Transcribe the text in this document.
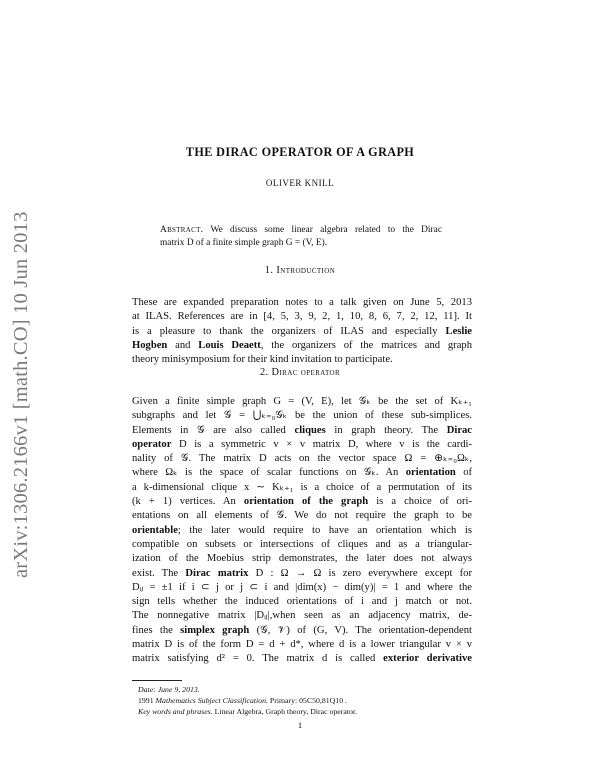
arXiv:1306.2166v1 [math.CO] 10 Jun 2013
THE DIRAC OPERATOR OF A GRAPH
OLIVER KNILL
Abstract. We discuss some linear algebra related to the Dirac
matrix D of a finite simple graph G = (V, E).
1. Introduction
These are expanded preparation notes to a talk given on June 5, 2013
at ILAS. References are in [4, 5, 3, 9, 2, 1, 10, 8, 6, 7, 2, 12, 11]. It
is a pleasure to thank the organizers of ILAS and especially Leslie
Hogben and Louis Deaett, the organizers of the matrices and graph
theory minisymposium for their kind invitation to participate.
2. Dirac operator
Given a finite simple graph G = (V, E), let 𝒢ₖ be the set of Kₖ₊₁
subgraphs and let 𝒢 = ⋃ₖ₌₀𝒢ₖ be the union of these sub-simplices.
Elements in 𝒢 are also called cliques in graph theory. The Dirac
operator D is a symmetric v × v matrix D, where v is the cardi-
nality of 𝒢. The matrix D acts on the vector space Ω = ⊕ₖ₌₀Ωₖ,
where Ωₖ is the space of scalar functions on 𝒢ₖ. An orientation of
a k-dimensional clique x ∼ Kₖ₊₁ is a choice of a permutation of its
(k + 1) vertices. An orientation of the graph is a choice of ori-
entations on all elements of 𝒢. We do not require the graph to be
orientable; the later would require to have an orientation which is
compatible on subsets or intersections of cliques and as a triangular-
ization of the Moebius strip demonstrates, the later does not always
exist. The Dirac matrix D : Ω → Ω is zero everywhere except for
Dᵢⱼ = ±1 if i ⊂ j or j ⊂ i and |dim(x) − dim(y)| = 1 and where the
sign tells whether the induced orientations of i and j match or not.
The nonnegative matrix |Dᵢⱼ|,when seen as an adjacency matrix, de-
fines the simplex graph (𝒢, 𝒱) of (G, V). The orientation-dependent
matrix D is of the form D = d + d*, where d is a lower triangular v × v
matrix satisfying d² = 0. The matrix d is called exterior derivative
Date: June 9, 2013.
1991 Mathematics Subject Classification. Primary: 05C50,81Q10 .
Key words and phrases. Linear Algebra, Graph theory, Dirac operator.
1
